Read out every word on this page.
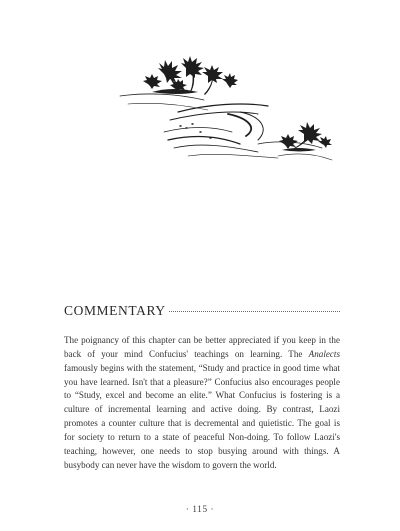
COMMENTARY

The poignancy of this chapter can be better appreciated if you keep in the back of your mind Confucius' teachings on learning. The Analects famously begins with the statement, “Study and practice in good time what you have learned. Isn't that a pleasure?” Confucius also encourages people to “Study, excel and become an elite.” What Confucius is fostering is a culture of incremental learning and active doing. By contrast, Laozi promotes a counter culture that is decremental and quietistic. The goal is for society to return to a state of peaceful Non-doing. To follow Laozi's teaching, however, one needs to stop busying around with things. A busybody can never have the wisdom to govern the world.

· 115 ·
